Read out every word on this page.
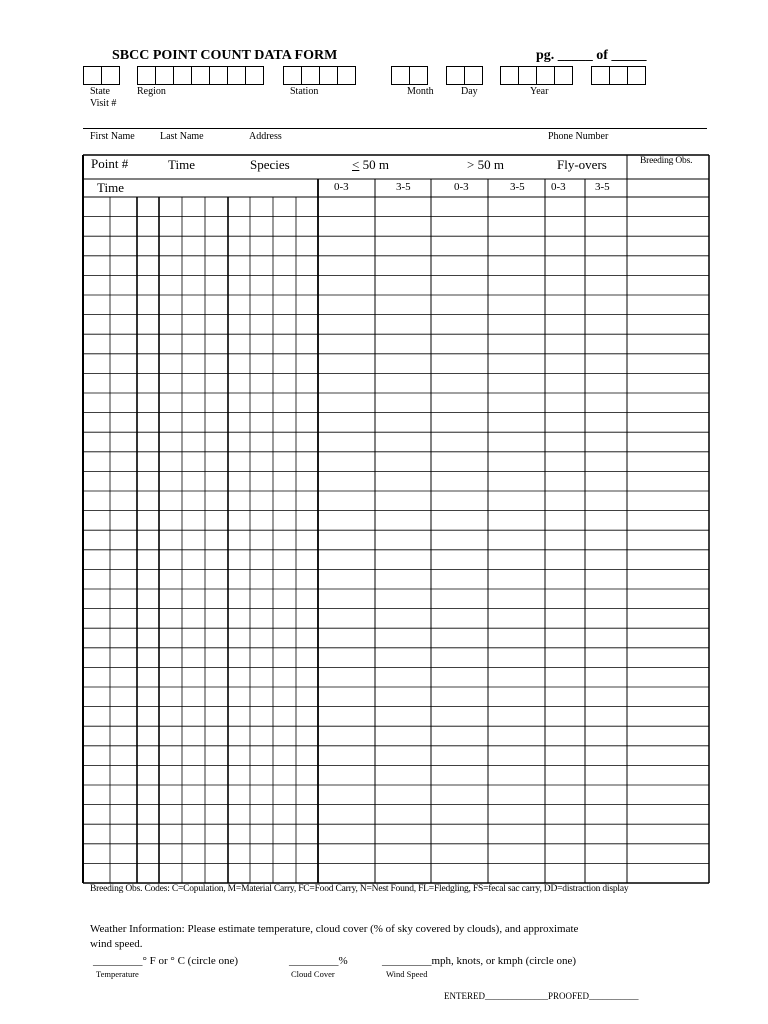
SBCC POINT COUNT DATA FORM	pg. _____ of _____
State	Region	Station	Month	Day	Year
Visit #
First Name	Last Name	Address	Phone Number
Point #	Time	Species	< 50 m	> 50 m	Fly-overs	Breeding Obs.
Time	0-3	3-5	0-3	3-5 0-3	3-5
Breeding Obs. Codes: C=Copulation, M=Material Carry, FC=Food Carry, N=Nest Found, FL=Fledgling, FS=fecal sac carry, DD=distraction display
Weather Information: Please estimate temperature, cloud cover (% of sky covered by clouds), and approximate
wind speed.
_________° F or ° C (circle one)	_________%	_________mph, knots, or kmph (circle one)
Temperature	Cloud Cover	Wind Speed
ENTERED______________PROOFED___________
